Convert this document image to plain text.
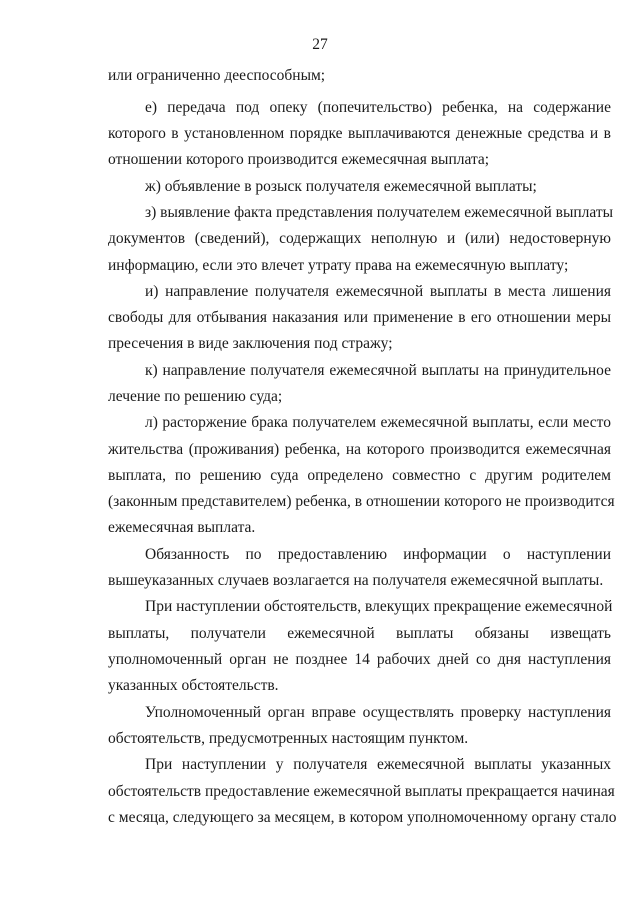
27
или ограниченно дееспособным;
е) передача под опеку (попечительство) ребенка, на содержание
которого в установленном порядке выплачиваются денежные средства и в
отношении которого производится ежемесячная выплата;
ж) объявление в розыск получателя ежемесячной выплаты;
з) выявление факта представления получателем ежемесячной выплаты
документов (сведений), содержащих неполную и (или) недостоверную
информацию, если это влечет утрату права на ежемесячную выплату;
и) направление получателя ежемесячной выплаты в места лишения
свободы для отбывания наказания или применение в его отношении меры
пресечения в виде заключения под стражу;
к) направление получателя ежемесячной выплаты на принудительное
лечение по решению суда;
л) расторжение брака получателем ежемесячной выплаты, если место
жительства (проживания) ребенка, на которого производится ежемесячная
выплата, по решению суда определено совместно с другим родителем
(законным представителем) ребенка, в отношении которого не производится
ежемесячная выплата.
Обязанность по предоставлению информации о наступлении
вышеуказанных случаев возлагается на получателя ежемесячной выплаты.
При наступлении обстоятельств, влекущих прекращение ежемесячной
выплаты, получатели ежемесячной выплаты обязаны извещать
уполномоченный орган не позднее 14 рабочих дней со дня наступления
указанных обстоятельств.
Уполномоченный орган вправе осуществлять проверку наступления
обстоятельств, предусмотренных настоящим пунктом.
При наступлении у получателя ежемесячной выплаты указанных
обстоятельств предоставление ежемесячной выплаты прекращается начиная
с месяца, следующего за месяцем, в котором уполномоченному органу стало
